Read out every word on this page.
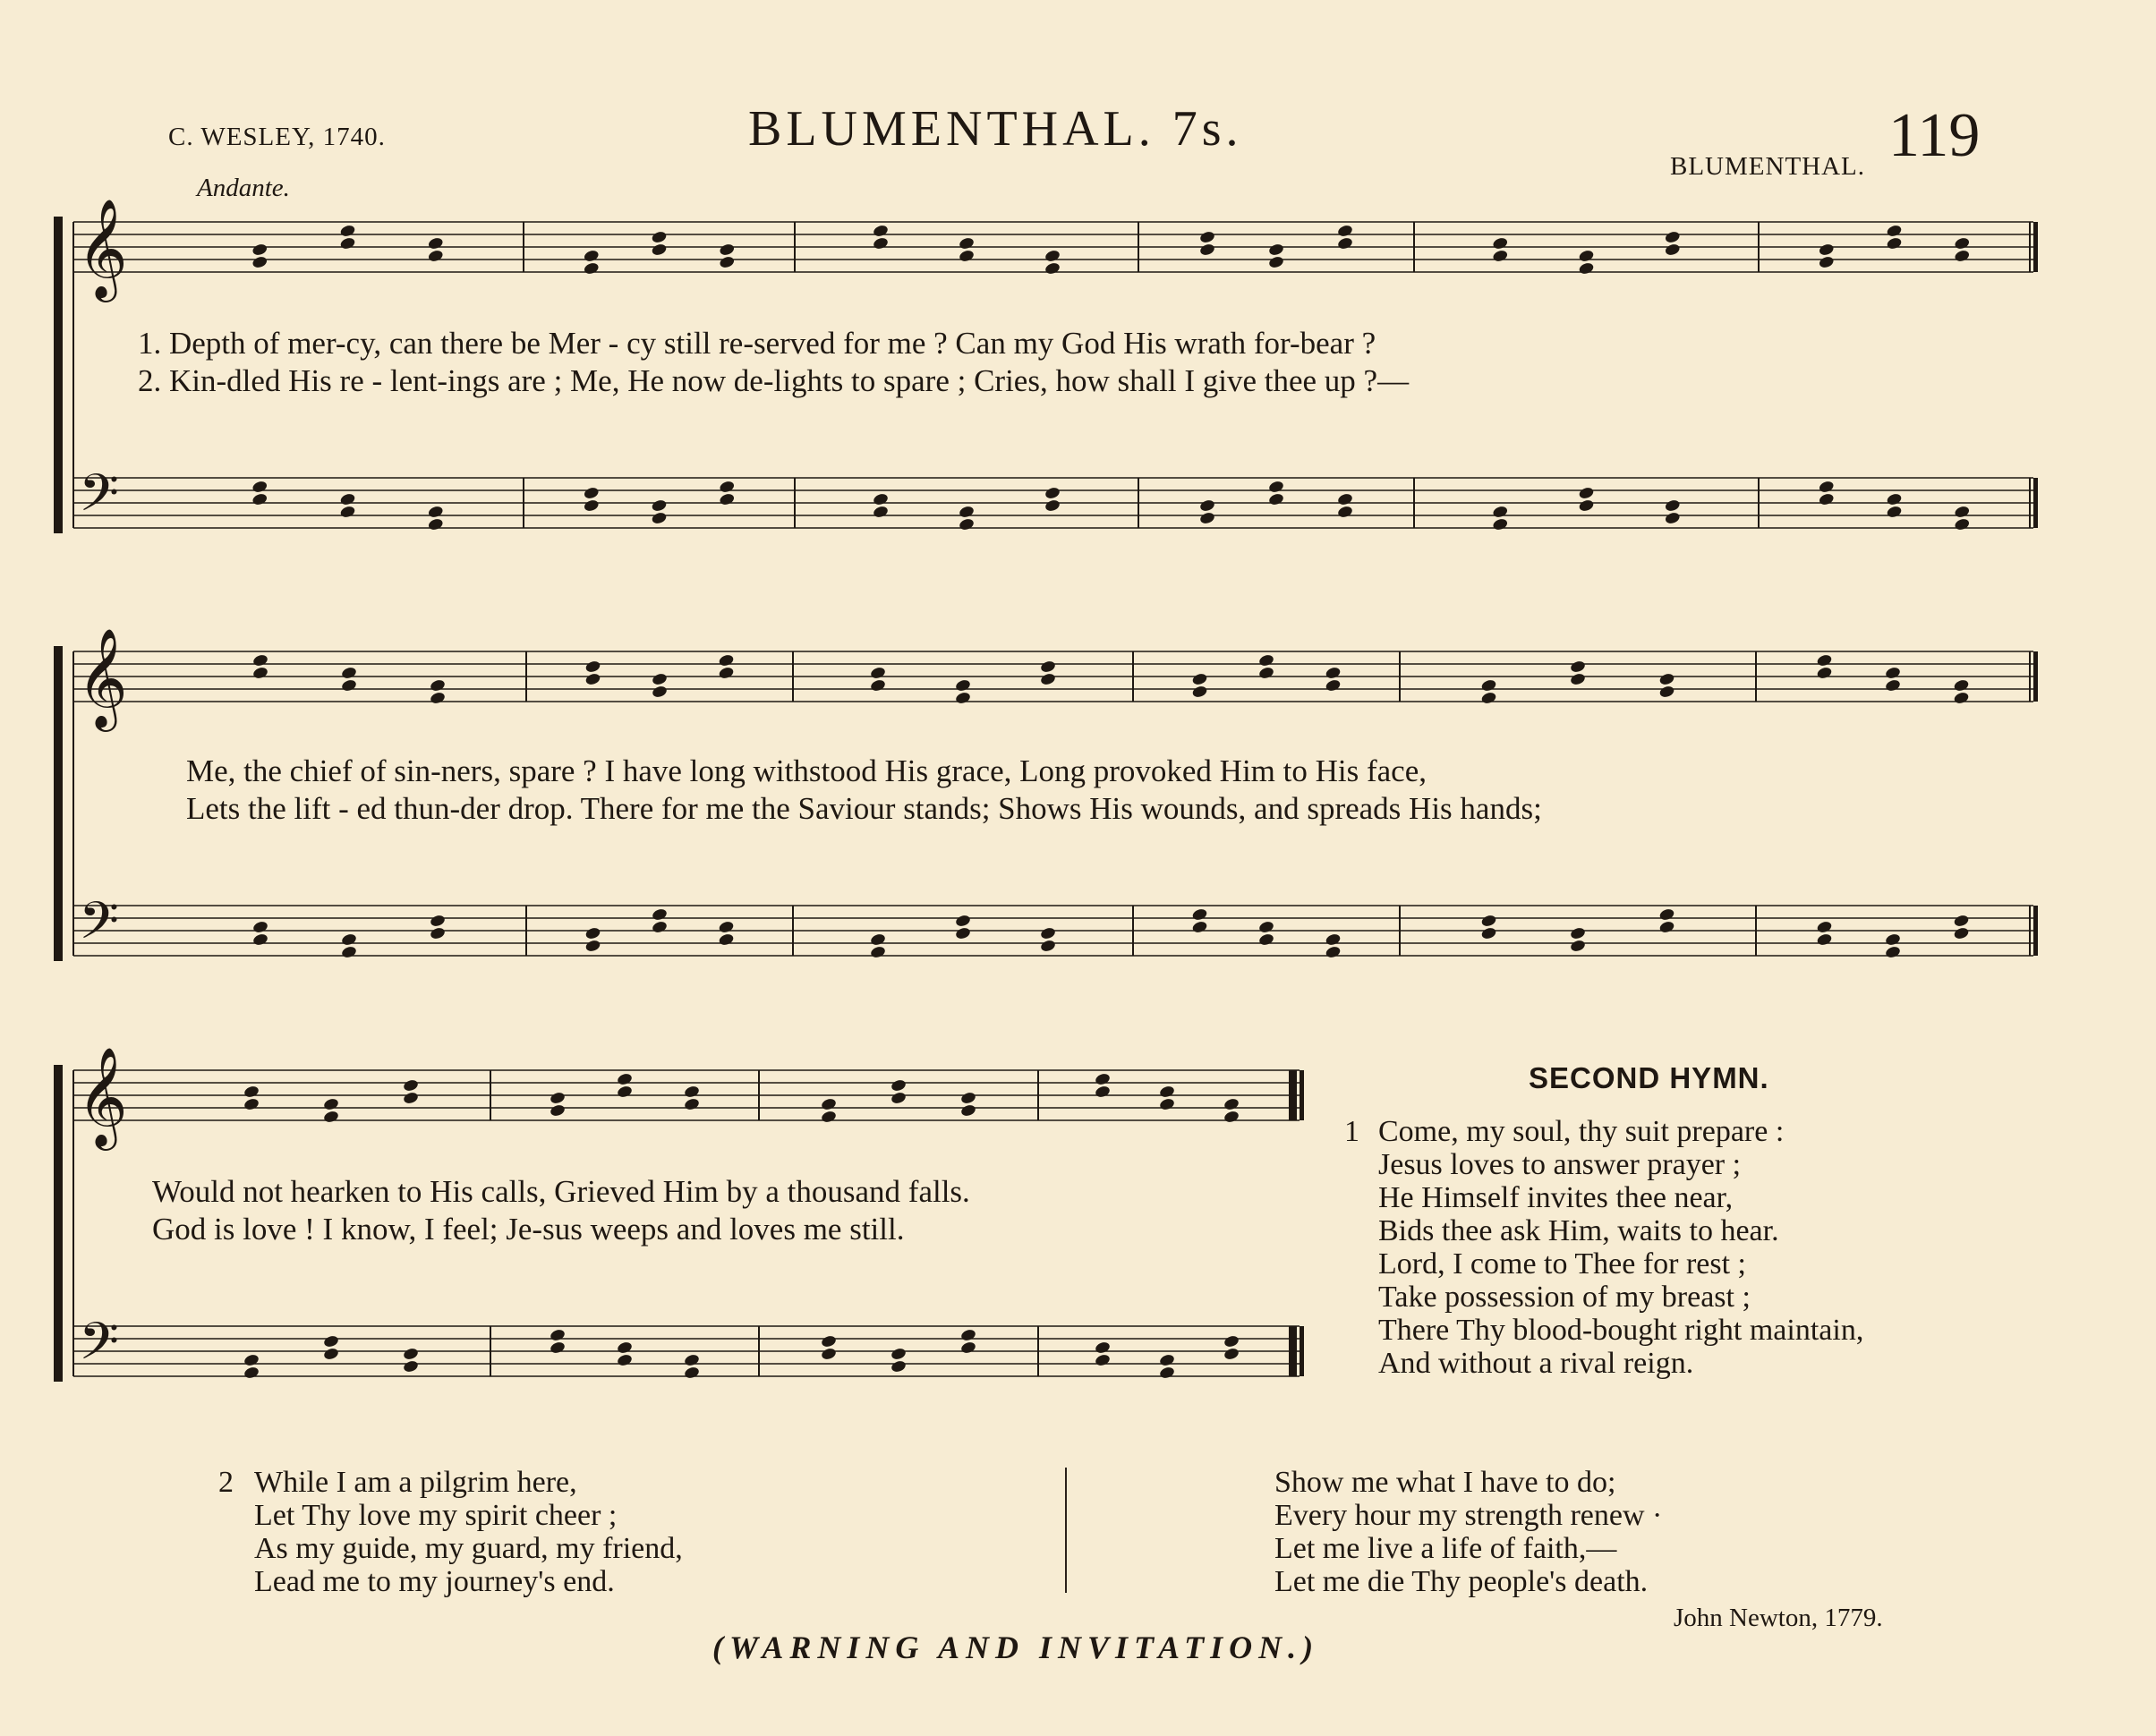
C. WESLEY, 1740.	BLUMENTHAL. 7s.	119
BLUMENTHAL.
Andante.
𝄞
𝄢
𝄞
𝄢
𝄞
𝄢
1. Depth of mer-cy, can there be Mer - cy still re-served for me ? Can my God His wrath for-bear ?
2. Kin-dled His re - lent-ings are ; Me, He now de-lights to spare ; Cries, how shall I give thee up ?—
Me, the chief of sin-ners, spare ? I have long withstood His grace, Long provoked Him to His face,
Lets the lift - ed thun-der drop. There for me the Saviour stands; Shows His wounds, and spreads His hands;
Would not hearken to His calls, Grieved Him by a thousand falls.
God is love ! I know, I feel; Je-sus weeps and loves me still.
SECOND HYMN.
1 Come, my soul, thy suit prepare :
Jesus loves to answer prayer ;
He Himself invites thee near,
Bids thee ask Him, waits to hear.
Lord, I come to Thee for rest ;
Take possession of my breast ;
There Thy blood-bought right maintain,
And without a rival reign.
2 While I am a pilgrim here,
Let Thy love my spirit cheer ;
As my guide, my guard, my friend,
Lead me to my journey's end.
Show me what I have to do;
Every hour my strength renew ·
Let me live a life of faith,—
Let me die Thy people's death.
John Newton, 1779.
(WARNING AND INVITATION.)
